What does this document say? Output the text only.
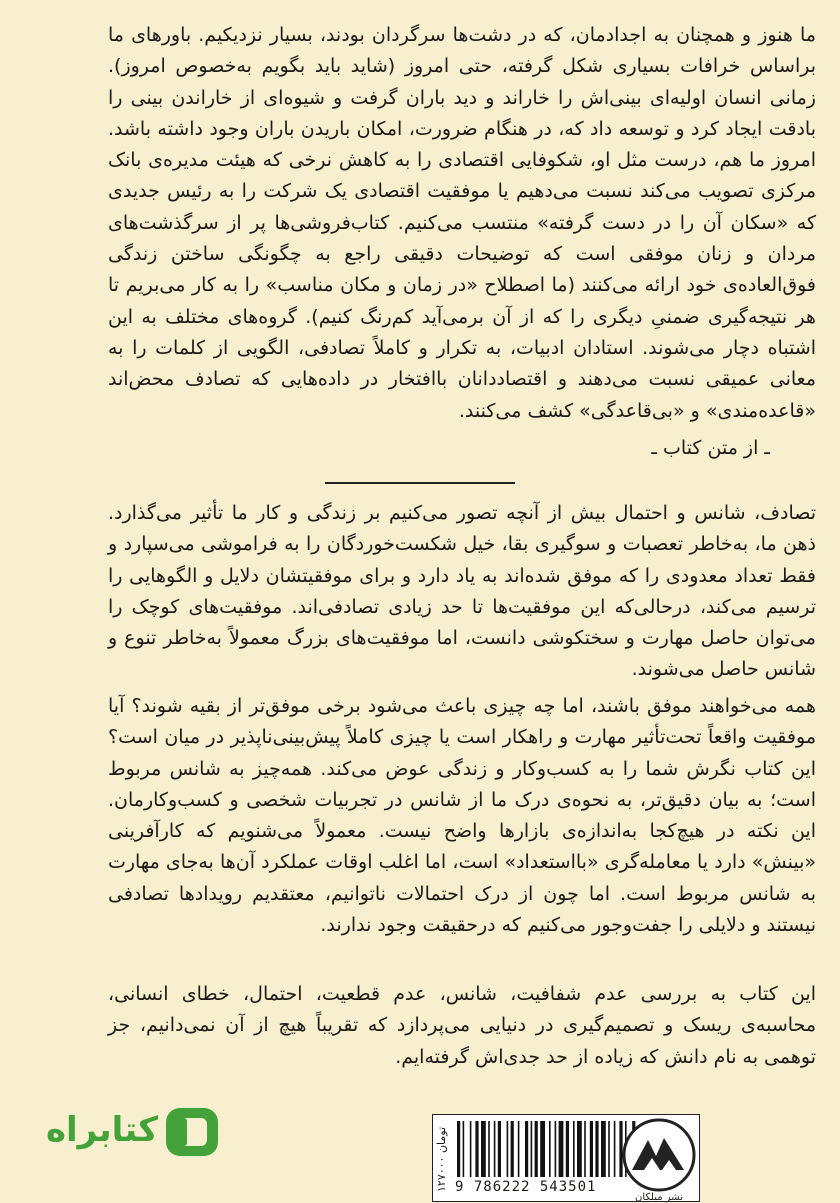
ما هنوز و همچنان به اجدادمان، که در دشت‌ها سرگردان بودند، بسیار نزدیکیم. باورهای ما براساس خرافات بسیاری شکل گرفته، حتی امروز (شاید باید بگویم به‌خصوص امروز). زمانی انسان اولیه‌ای بینی‌اش را خاراند و دید باران گرفت و شیوه‌ای از خاراندن بینی را بادقت ایجاد کرد و توسعه داد که، در هنگام ضرورت، امکان باریدن باران وجود داشته باشد. امروز ما هم، درست مثل او، شکوفایی اقتصادی را به کاهش نرخی که هیئت مدیره‌ی بانک مرکزی تصویب می‌کند نسبت می‌دهیم یا موفقیت اقتصادی یک شرکت را به رئیس جدیدی که «سکان آن را در دست گرفته» منتسب می‌کنیم. کتاب‌فروشی‌ها پر از سرگذشت‌های مردان و زنان موفقی است که توضیحات دقیقی راجع به چگونگی ساختن زندگی فوق‌العاده‌ی خود ارائه می‌کنند (ما اصطلاح «در زمان و مکان مناسب» را به کار می‌بریم تا هر نتیجه‌گیری ضمنیِ دیگری را که از آن برمی‌آید کم‌رنگ کنیم). گروه‌های مختلف به این اشتباه دچار می‌شوند. استادان ادبیات، به تکرار و کاملاً تصادفی، الگویی از کلمات را به معانی عمیقی نسبت می‌دهند و اقتصاددانان باافتخار در داده‌هایی که تصادف محض‌اند «قاعده‌مندی» و «بی‌قاعدگی» کشف می‌کنند.
ـ از متن کتاب ـ
تصادف، شانس و احتمال بیش از آنچه تصور می‌کنیم بر زندگی و کار ما تأثیر می‌گذارد. ذهن ما، به‌خاطر تعصبات و سوگیری بقا، خیل شکست‌خوردگان را به فراموشی می‌سپارد و فقط تعداد معدودی را که موفق شده‌اند به یاد دارد و برای موفقیتشان دلایل و الگوهایی را ترسیم می‌کند، درحالی‌که این موفقیت‌ها تا حد زیادی تصادفی‌اند. موفقیت‌های کوچک را می‌توان حاصل مهارت و سختکوشی دانست، اما موفقیت‌های بزرگ معمولاً به‌خاطر تنوع و شانس حاصل می‌شوند.
همه می‌خواهند موفق باشند، اما چه چیزی باعث می‌شود برخی موفق‌تر از بقیه شوند؟ آیا موفقیت واقعاً تحت‌تأثیر مهارت و راهکار است یا چیزی کاملاً پیش‌بینی‌ناپذیر در میان است؟ این کتاب نگرش شما را به کسب‌وکار و زندگی عوض می‌کند. همه‌چیز به شانس مربوط است؛ به بیان دقیق‌تر، به نحوه‌ی درک ما از شانس در تجربیات شخصی و کسب‌وکارمان. این نکته در هیچ‌کجا به‌اندازه‌ی بازارها واضح نیست. معمولاً می‌شنویم که کارآفرینی «بینش» دارد یا معامله‌گری «بااستعداد» است، اما اغلب اوقات عملکرد آن‌ها به‌جای مهارت به شانس مربوط است. اما چون از درک احتمالات ناتوانیم، معتقدیم رویدادها تصادفی نیستند و دلایلی را جفت‌وجور می‌کنیم که درحقیقت وجود ندارند.
این کتاب به بررسی عدم شفافیت، شانس، عدم قطعیت، احتمال، خطای انسانی، محاسبه‌ی ریسک و تصمیم‌گیری در دنیایی می‌پردازد که تقریباً هیچ از آن نمی‌دانیم، جز توهمی به نام دانش که زیاده از حد جدی‌اش گرفته‌ایم.
۱۲۷۰۰۰ تومان
9 786222 543501
نشر میلکان
کتابراه
